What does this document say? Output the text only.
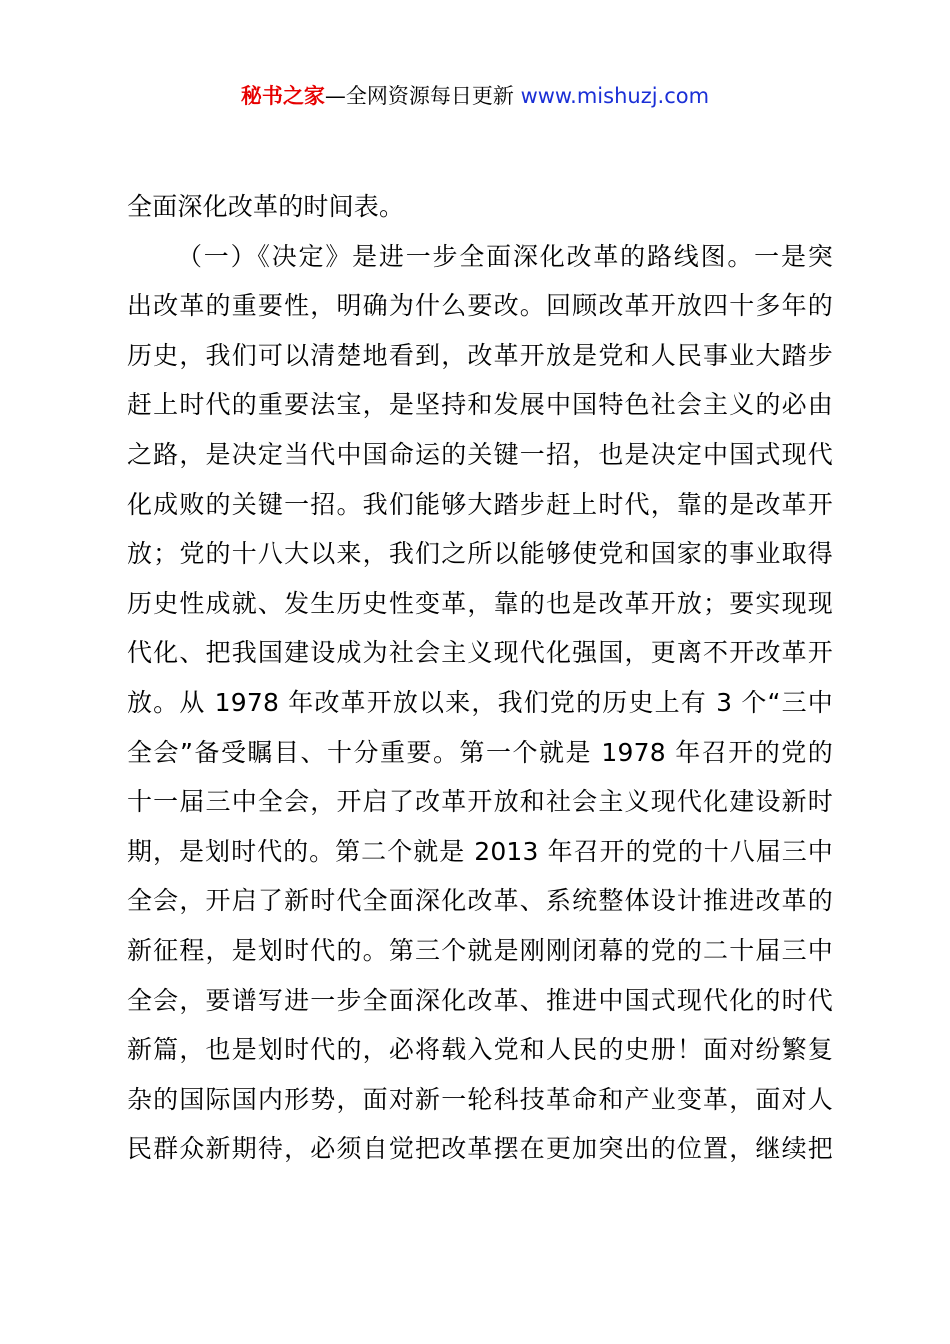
秘书之家—全网资源每日更新 www.mishuzj.com
全面深化改革的时间表。
（一）《决定》是进一步全面深化改革的路线图。一是突
出改革的重要性，明确为什么要改。回顾改革开放四十多年的
历史，我们可以清楚地看到，改革开放是党和人民事业大踏步
赶上时代的重要法宝，是坚持和发展中国特色社会主义的必由
之路，是决定当代中国命运的关键一招，也是决定中国式现代
化成败的关键一招。我们能够大踏步赶上时代，靠的是改革开
放；党的十八大以来，我们之所以能够使党和国家的事业取得
历史性成就、发生历史性变革，靠的也是改革开放；要实现现
代化、把我国建设成为社会主义现代化强国，更离不开改革开
放。从 1978 年改革开放以来，我们党的历史上有 3 个“三中
全会”备受瞩目、十分重要。第一个就是 1978 年召开的党的
十一届三中全会，开启了改革开放和社会主义现代化建设新时
期，是划时代的。第二个就是 2013 年召开的党的十八届三中
全会，开启了新时代全面深化改革、系统整体设计推进改革的
新征程，是划时代的。第三个就是刚刚闭幕的党的二十届三中
全会，要谱写进一步全面深化改革、推进中国式现代化的时代
新篇，也是划时代的，必将载入党和人民的史册！面对纷繁复
杂的国际国内形势，面对新一轮科技革命和产业变革，面对人
民群众新期待，必须自觉把改革摆在更加突出的位置，继续把
